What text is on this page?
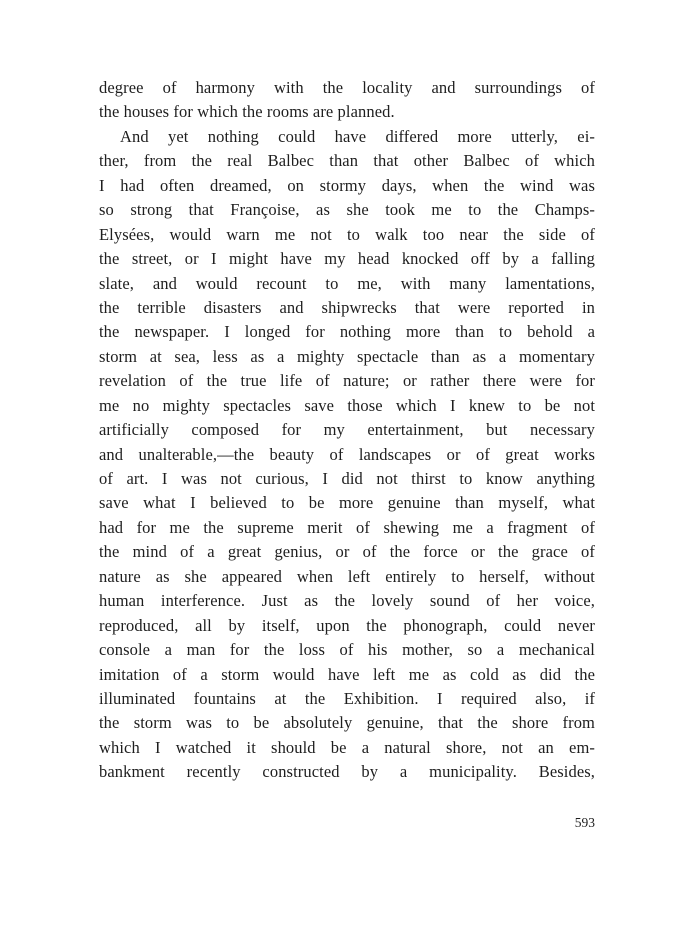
degree of harmony with the locality and surroundings of
the houses for which the rooms are planned.
And yet nothing could have differed more utterly, ei-
ther, from the real Balbec than that other Balbec of which
I had often dreamed, on stormy days, when the wind was
so strong that Françoise, as she took me to the Champs-
Elysées, would warn me not to walk too near the side of
the street, or I might have my head knocked off by a falling
slate, and would recount to me, with many lamentations,
the terrible disasters and shipwrecks that were reported in
the newspaper. I longed for nothing more than to behold a
storm at sea, less as a mighty spectacle than as a momentary
revelation of the true life of nature; or rather there were for
me no mighty spectacles save those which I knew to be not
artificially composed for my entertainment, but necessary
and unalterable,—the beauty of landscapes or of great works
of art. I was not curious, I did not thirst to know anything
save what I believed to be more genuine than myself, what
had for me the supreme merit of shewing me a fragment of
the mind of a great genius, or of the force or the grace of
nature as she appeared when left entirely to herself, without
human interference. Just as the lovely sound of her voice,
reproduced, all by itself, upon the phonograph, could never
console a man for the loss of his mother, so a mechanical
imitation of a storm would have left me as cold as did the
illuminated fountains at the Exhibition. I required also, if
the storm was to be absolutely genuine, that the shore from
which I watched it should be a natural shore, not an em-
bankment recently constructed by a municipality. Besides,
593
